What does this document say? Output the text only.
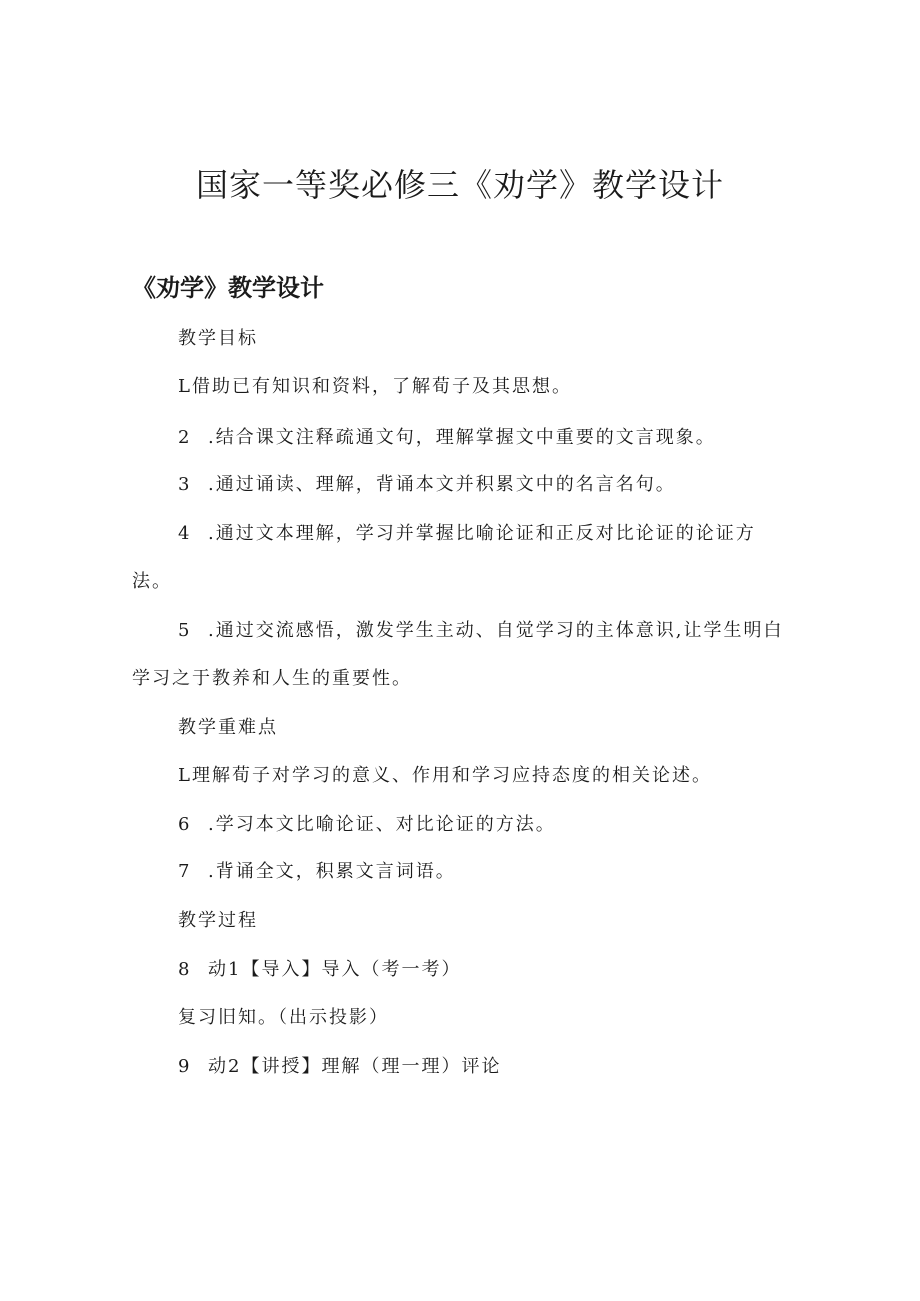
国家一等奖必修三《劝学》教学设计
《劝学》教学设计
教学目标
L借助已有知识和资料，了解荀子及其思想。
2 .结合课文注释疏通文句，理解掌握文中重要的文言现象。
3 .通过诵读、理解，背诵本文并积累文中的名言名句。
4 .通过文本理解，学习并掌握比喻论证和正反对比论证的论证方
法。
5 .通过交流感悟，激发学生主动、自觉学习的主体意识,让学生明白
学习之于教养和人生的重要性。
教学重难点
L理解荀子对学习的意义、作用和学习应持态度的相关论述。
6 .学习本文比喻论证、对比论证的方法。
7 .背诵全文，积累文言词语。
教学过程
8 动1【导入】导入（考一考）
复习旧知。（出示投影）
9 动2【讲授】理解（理一理）评论
